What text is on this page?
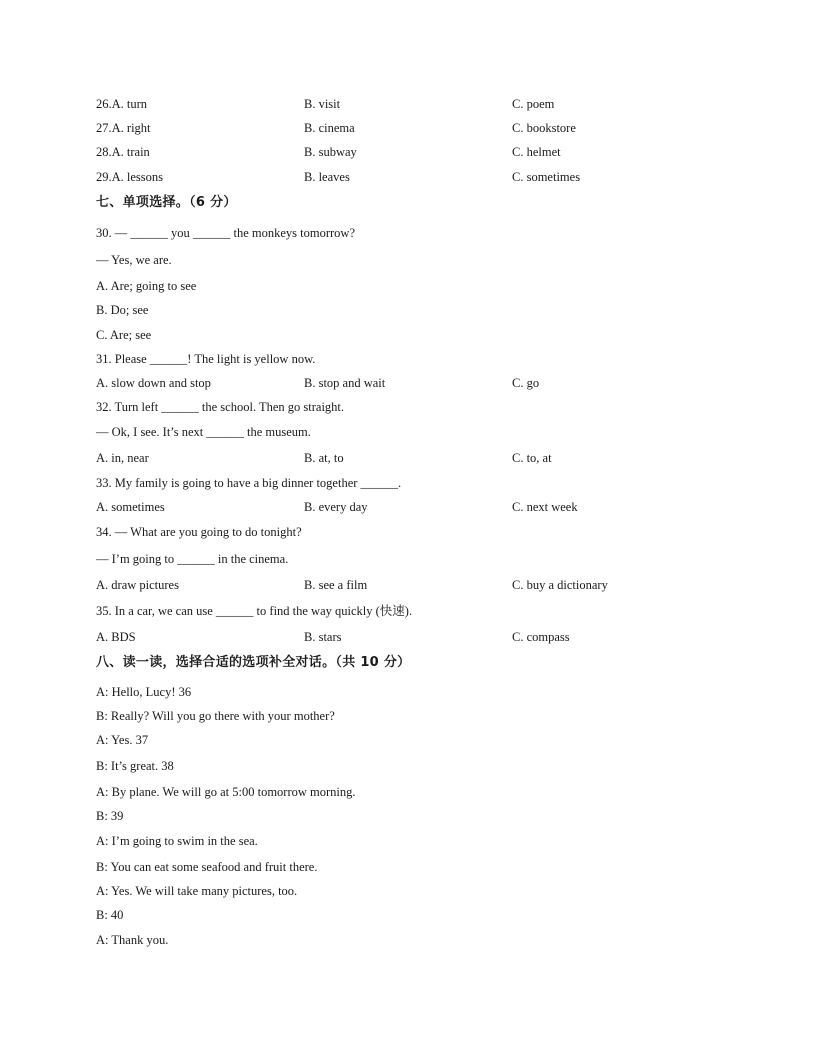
26.A. turn	B. visit	C. poem
27.A. right	B. cinema	C. bookstore
28.A. train	B. subway	C. helmet
29.A. lessons	B. leaves	C. sometimes
七、单项选择。（6 分）
30. — ______ you ______ the monkeys tomorrow?
— Yes, we are.
A. Are; going to see
B. Do; see
C. Are; see
31. Please ______! The light is yellow now.
A. slow down and stop	B. stop and wait	C. go
32. Turn left ______ the school. Then go straight.
— Ok, I see. It’s next ______ the museum.
A. in, near	B. at, to	C. to, at
33. My family is going to have a big dinner together ______.
A. sometimes	B. every day	C. next week
34. — What are you going to do tonight?
— I’m going to ______ in the cinema.
A. draw pictures	B. see a film	C. buy a dictionary
35. In a car, we can use ______ to find the way quickly (快速).
A. BDS	B. stars	C. compass
八、读一读，选择合适的选项补全对话。（共 10 分）
A: Hello, Lucy! 36
B: Really? Will you go there with your mother?
A: Yes. 37
B: It’s great. 38
A: By plane. We will go at 5:00 tomorrow morning.
B: 39
A: I’m going to swim in the sea.
B: You can eat some seafood and fruit there.
A: Yes. We will take many pictures, too.
B: 40
A: Thank you.
